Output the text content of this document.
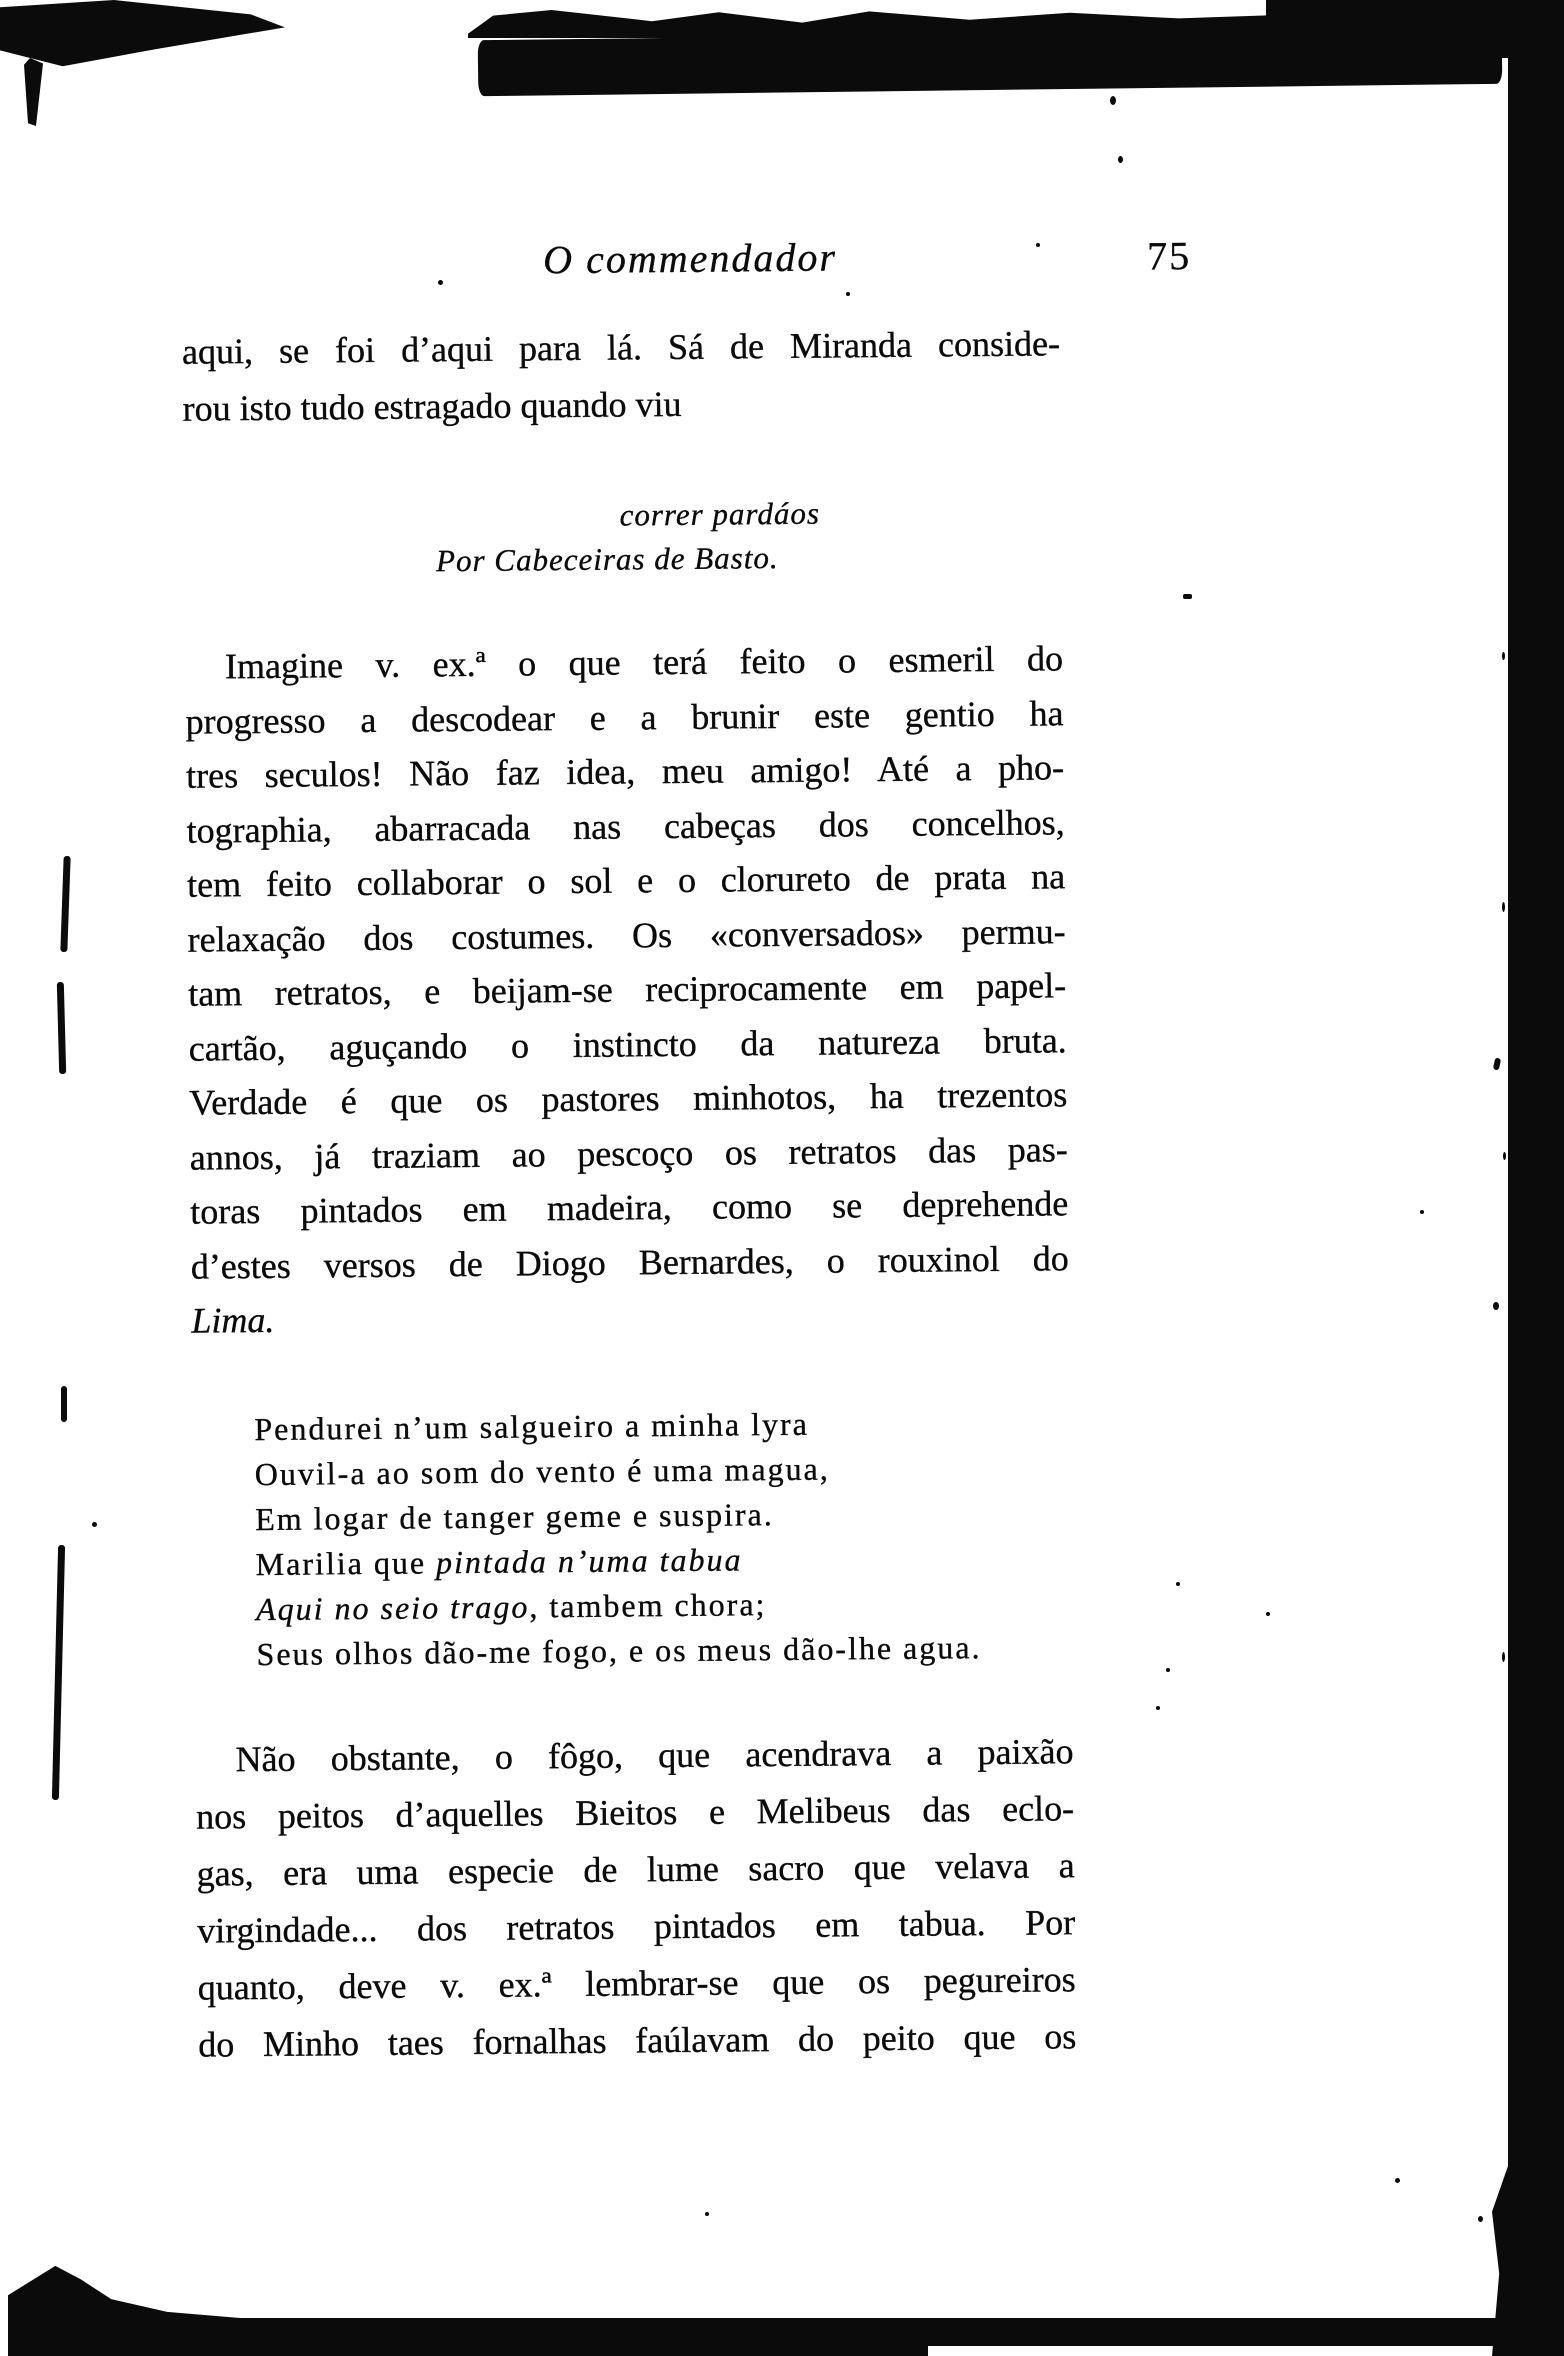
O commendador	75
aqui, se foi d’aqui para lá. Sá de Miranda conside-
rou isto tudo estragado quando viu
correr pardáos
Por Cabeceiras de Basto.
Imagine v. ex.ª o que terá feito o esmeril do
progresso a descodear e a brunir este gentio ha
tres seculos! Não faz idea, meu amigo! Até a pho-
tographia, abarracada nas cabeças dos concelhos,
tem feito collaborar o sol e o clorureto de prata na
relaxação dos costumes. Os «conversados» permu-
tam retratos, e beijam-se reciprocamente em papel-
cartão, aguçando o instincto da natureza bruta.
Verdade é que os pastores minhotos, ha trezentos
annos, já traziam ao pescoço os retratos das pas-
toras pintados em madeira, como se deprehende
d’estes versos de Diogo Bernardes, o rouxinol do
Lima.
Pendurei n’um salgueiro a minha lyra
Ouvil-a ao som do vento é uma magua,
Em logar de tanger geme e suspira.
Marilia que pintada n’uma tabua
Aqui no seio trago, tambem chora;
Seus olhos dão-me fogo, e os meus dão-lhe agua.
Não obstante, o fôgo, que acendrava a paixão
nos peitos d’aquelles Bieitos e Melibeus das eclo-
gas, era uma especie de lume sacro que velava a
virgindade... dos retratos pintados em tabua. Por
quanto, deve v. ex.ª lembrar-se que os pegureiros
do Minho taes fornalhas faúlavam do peito que os
